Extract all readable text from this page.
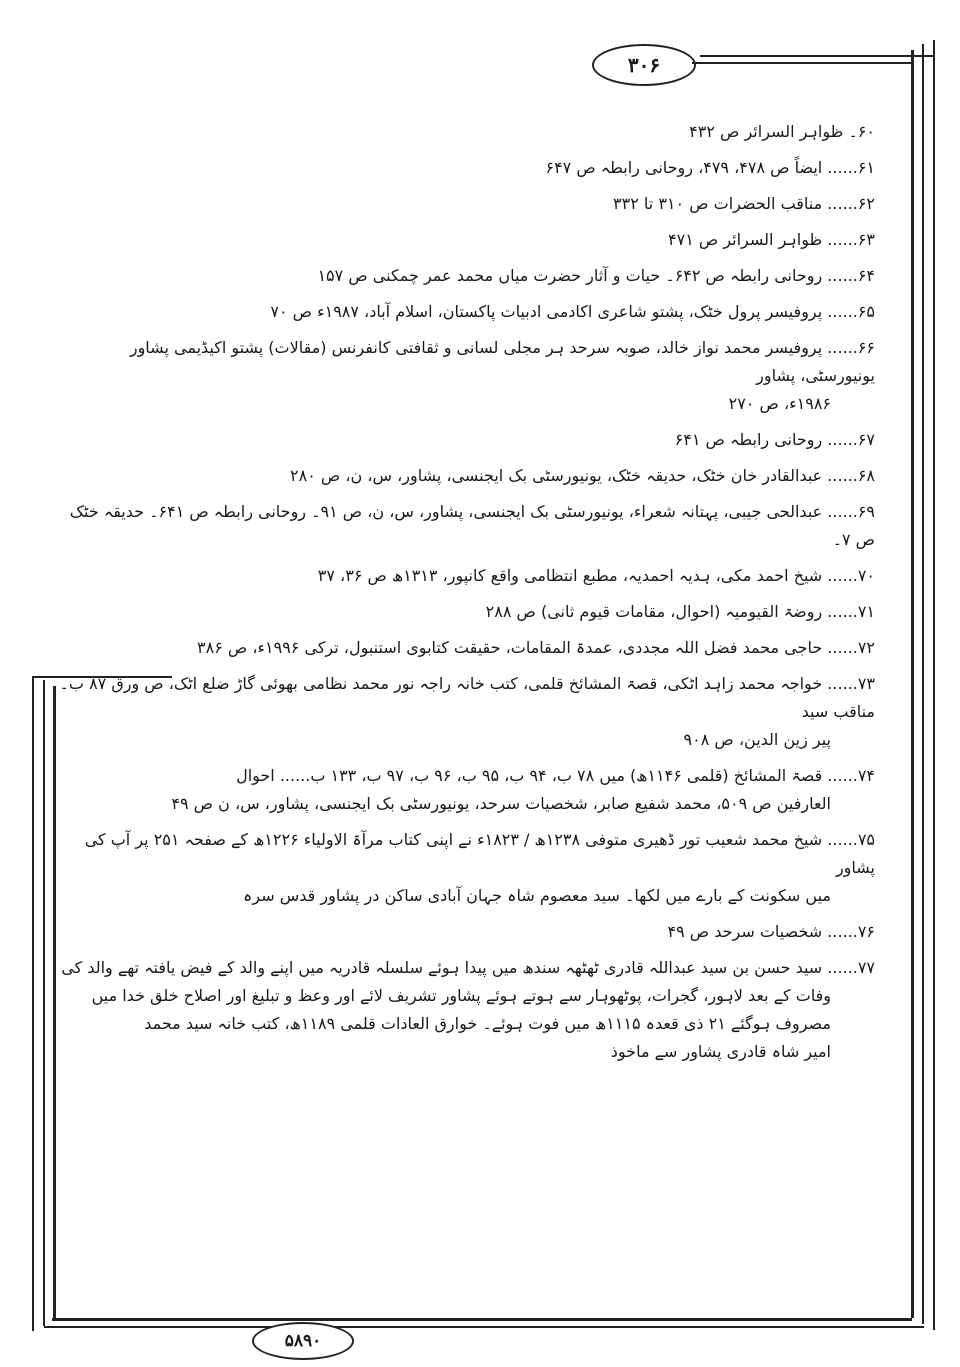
۳۰۶

۶۰۔ ظواہر السرائر ص ۴۳۲

۶۱...... ایضاً ص ۴۷۸، ۴۷۹، روحانی رابطہ ص ۶۴۷

۶۲...... مناقب الحضرات ص ۳۱۰ تا ۳۳۲

۶۳...... ظواہر السرائر ص ۴۷۱

۶۴...... روحانی رابطہ ص ۶۴۲۔ حیات و آثار حضرت میاں محمد عمر چمکنی ص ۱۵۷

۶۵...... پروفیسر پرول خٹک، پشتو شاعری اکادمی ادبیات پاکستان، اسلام آباد، ۱۹۸۷ء ص ۷۰

۶۶...... پروفیسر محمد نواز خالد، صوبہ سرحد ہر مجلی لسانی و ثقافتی کانفرنس (مقالات) پشتو اکیڈیمی پشاور یونیورسٹی، پشاور
۱۹۸۶ء، ص ۲۷۰

۶۷...... روحانی رابطہ ص ۶۴۱

۶۸...... عبدالقادر خان خٹک، حدیقہ خٹک، یونیورسٹی بک ایجنسی، پشاور، س، ن، ص ۲۸۰

۶۹...... عبدالحی جیبی، پہتانہ شعراء، یونیورسٹی بک ایجنسی، پشاور، س، ن، ص ۹۱۔ روحانی رابطہ ص ۶۴۱۔ حدیقہ خٹک ص ۷۔

۷۰...... شیخ احمد مکی، ہدیہ احمدیہ، مطبع انتظامی واقع کانپور، ۱۳۱۳ھ ص ۳۶، ۳۷

۷۱...... روضۃ القیومیہ (احوال، مقامات قیوم ثانی) ص ۲۸۸

۷۲...... حاجی محمد فضل اللہ مجددی، عمدۃ المقامات، حقیقت کتابوی استنبول، ترکی ۱۹۹۶ء، ص ۳۸۶

۷۳...... خواجہ محمد زاہد اٹکی، قصۃ المشائخ قلمی، کتب خانہ راجہ نور محمد نظامی بھوئی گاڑ ضلع اٹک، ص ورق ۸۷ ب۔ مناقب سید
پیر زین الدین، ص ۹۰۸

۷۴...... قصۃ المشائخ (قلمی ۱۱۴۶ھ) میں ۷۸ ب، ۹۴ ب، ۹۵ ب، ۹۶ ب، ۹۷ ب، ۱۳۳ ب...... احوال
العارفین ص ۵۰۹، محمد شفیع صابر، شخصیات سرحد، یونیورسٹی بک ایجنسی، پشاور، س، ن ص ۴۹

۷۵...... شیخ محمد شعیب تور ڈھیری متوفی ۱۲۳۸ھ / ۱۸۲۳ء نے اپنی کتاب مرآۃ الاولیاء ۱۲۲۶ھ کے صفحہ ۲۵۱ پر آپ کی پشاور
میں سکونت کے بارے میں لکھا۔ سید معصوم شاہ جہان آبادی ساکن در پشاور قدس سرہ

۷۶...... شخصیات سرحد ص ۴۹

۷۷...... سید حسن بن سید عبداللہ قادری ٹھٹھہ سندھ میں پیدا ہوئے سلسلہ قادریہ میں اپنے والد کے فیض یافتہ تھے والد کی
وفات کے بعد لاہور، گجرات، پوٹھوہار سے ہوتے ہوئے پشاور تشریف لائے اور وعظ و تبلیغ اور اصلاح خلق خدا میں
مصروف ہوگئے ۲۱ ذی قعدہ ۱۱۱۵ھ میں فوت ہوئے۔ خوارق العادات قلمی ۱۱۸۹ھ، کتب خانہ سید محمد
امیر شاہ قادری پشاور سے ماخوذ

۵۸۹۰
